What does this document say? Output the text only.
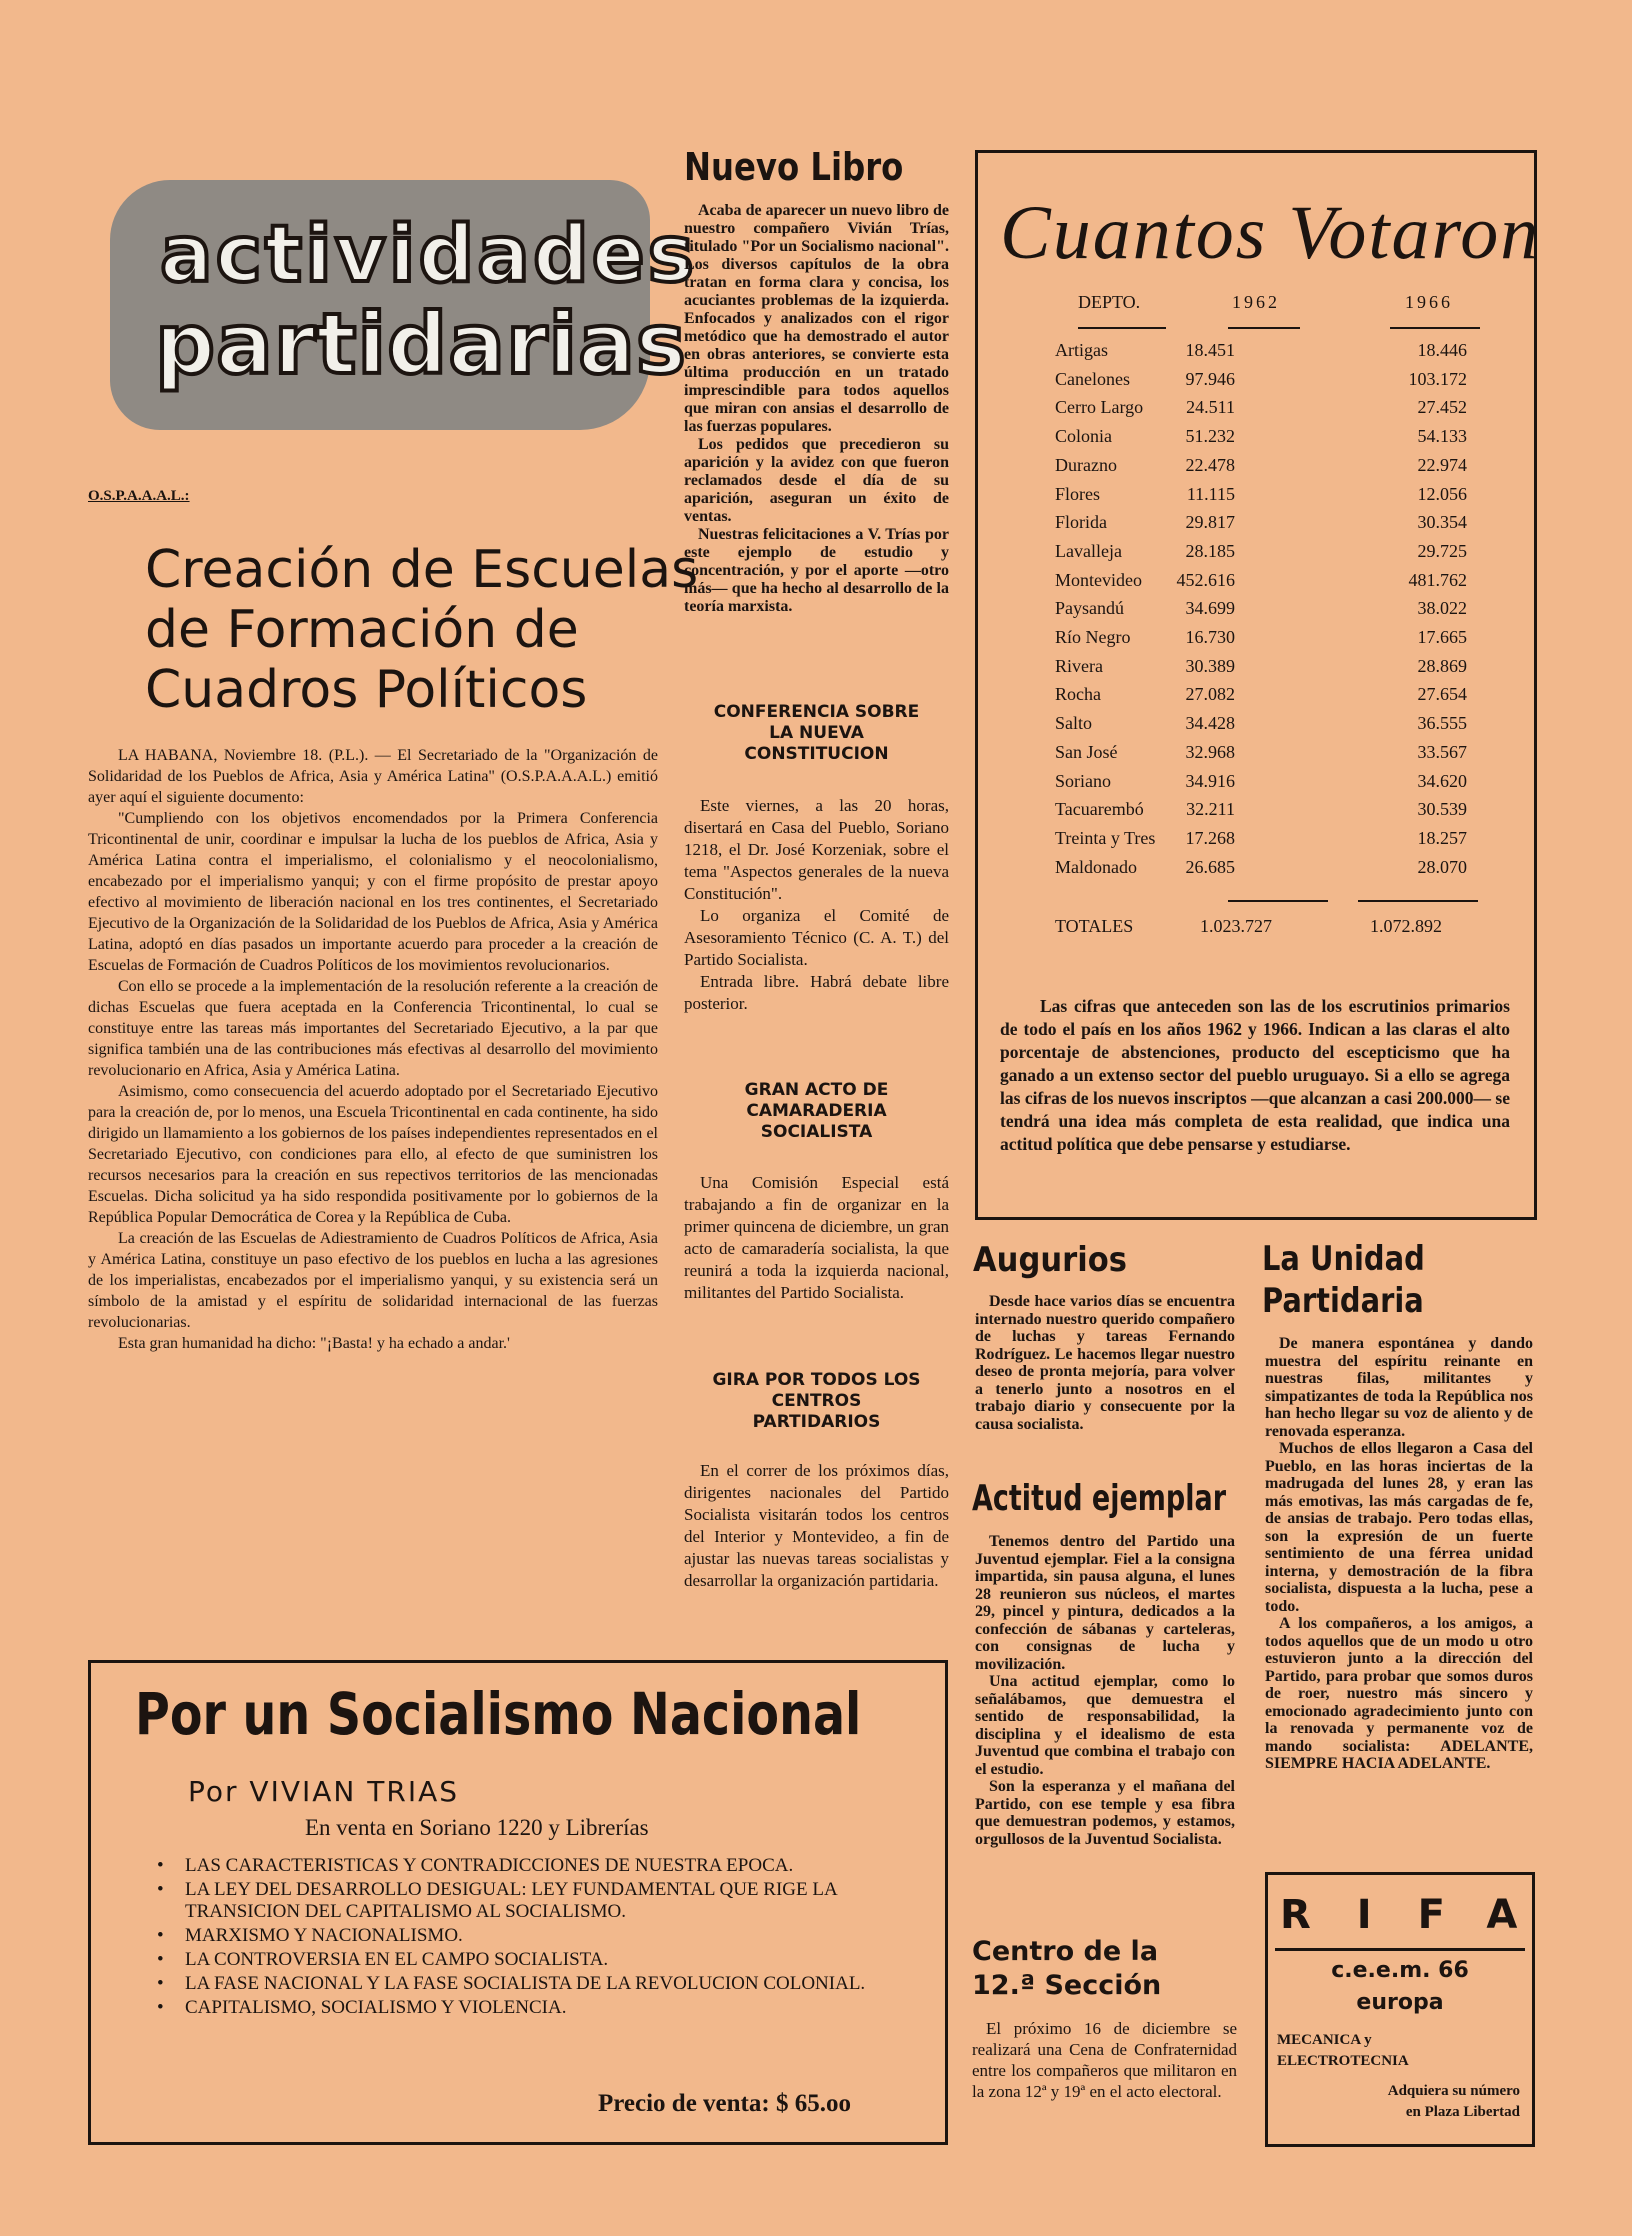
actividades
partidarias
O.S.P.A.A.A.L.:
Creación de Escuelas
de Formación de
Cuadros Políticos

LA HABANA, Noviembre 18. (P.L.). — El Secretariado de la "Organización de Solidaridad de los Pueblos de Africa, Asia y América Latina" (O.S.P.A.A.A.L.) emitió ayer aquí el siguiente documento:

"Cumpliendo con los objetivos encomendados por la Primera Conferencia Tricontinental de unir, coordinar e impulsar la lucha de los pueblos de Africa, Asia y América Latina contra el imperialismo, el colonialismo y el neocolonialismo, encabezado por el imperialismo yanqui; y con el firme propósito de prestar apoyo efectivo al movimiento de liberación nacional en los tres continentes, el Secretariado Ejecutivo de la Organización de la Solidaridad de los Pueblos de Africa, Asia y América Latina, adoptó en días pasados un importante acuerdo para proceder a la creación de Escuelas de Formación de Cuadros Políticos de los movimientos revolucionarios.

Con ello se procede a la implementación de la resolución referente a la creación de dichas Escuelas que fuera aceptada en la Conferencia Tricontinental, lo cual se constituye entre las tareas más importantes del Secretariado Ejecutivo, a la par que significa también una de las contribuciones más efectivas al desarrollo del movimiento revolucionario en Africa, Asia y América Latina.

Asimismo, como consecuencia del acuerdo adoptado por el Secretariado Ejecutivo para la creación de, por lo menos, una Escuela Tricontinental en cada continente, ha sido dirigido un llamamiento a los gobiernos de los países independientes representados en el Secretariado Ejecutivo, con condiciones para ello, al efecto de que suministren los recursos necesarios para la creación en sus repectivos territorios de las mencionadas Escuelas. Dicha solicitud ya ha sido respondida positivamente por lo gobiernos de la República Popular Democrática de Corea y la República de Cuba.

La creación de las Escuelas de Adiestramiento de Cuadros Políticos de Africa, Asia y América Latina, constituye un paso efectivo de los pueblos en lucha a las agresiones de los imperialistas, encabezados por el imperialismo yanqui, y su existencia será un símbolo de la amistad y el espíritu de solidaridad internacional de las fuerzas revolucionarias.

Esta gran humanidad ha dicho: "¡Basta! y ha echado a andar.'

Nuevo Libro

Acaba de aparecer un nuevo libro de nuestro compañero Vivián Trías, titulado "Por un Socialismo nacional". Los diversos capítulos de la obra tratan en forma clara y concisa, los acuciantes problemas de la izquierda. Enfocados y analizados con el rigor metódico que ha demostrado el autor en obras anteriores, se convierte esta última producción en un tratado imprescindible para todos aquellos que miran con ansias el desarrollo de las fuerzas populares.

Los pedidos que precedieron su aparición y la avidez con que fueron reclamados desde el día de su aparición, aseguran un éxito de ventas.

Nuestras felicitaciones a V. Trías por este ejemplo de estudio y concentración, y por el aporte —otro más— que ha hecho al desarrollo de la teoría marxista.

CONFERENCIA SOBRE
LA NUEVA
CONSTITUCION

Este viernes, a las 20 horas, disertará en Casa del Pueblo, Soriano 1218, el Dr. José Korzeniak, sobre el tema "Aspectos generales de la nueva Constitución".

Lo organiza el Comité de Asesoramiento Técnico (C. A. T.) del Partido Socialista.

Entrada libre. Habrá debate libre posterior.

GRAN ACTO DE
CAMARADERIA
SOCIALISTA

Una Comisión Especial está trabajando a fin de organizar en la primer quincena de diciembre, un gran acto de camaradería socialista, la que reunirá a toda la izquierda nacional, militantes del Partido Socialista.

GIRA POR TODOS LOS
CENTROS
PARTIDARIOS

En el correr de los próximos días, dirigentes nacionales del Partido Socialista visitarán todos los centros del Interior y Montevideo, a fin de ajustar las nuevas tareas socialistas y desarrollar la organización partidaria.

Cuantos Votaron
DEPTO.	1962	1966
Artigas	18.451	18.446
Canelones	97.946	103.172
Cerro Largo 24.511	27.452
Colonia	51.232	54.133
Durazno	22.478	22.974
Flores	11.115	12.056
Florida	29.817	30.354
Lavalleja	28.185	29.725
Montevideo 452.616	481.762
Paysandú	34.699	38.022
Río Negro	16.730	17.665
Rivera	30.389	28.869
Rocha	27.082	27.654
Salto	34.428	36.555
San José	32.968	33.567
Soriano	34.916	34.620
Tacuarembó 32.211	30.539
Treinta y Tres 17.268	18.257
Maldonado	26.685	28.070
TOTALES	1.023.727	1.072.892
Las cifras que anteceden son las de los escrutinios primarios de todo el país en los años 1962 y 1966. Indican a las claras el alto porcentaje de abstenciones, producto del escepticismo que ha ganado a un extenso sector del pueblo uruguayo. Si a ello se agrega las cifras de los nuevos inscriptos —que alcanzan a casi 200.000— se tendrá una idea más completa de esta realidad, que indica una actitud política que debe pensarse y estudiarse.
Augurios

Desde hace varios días se encuentra internado nuestro querido compañero de luchas y tareas Fernando Rodríguez. Le hacemos llegar nuestro deseo de pronta mejoría, para volver a tenerlo junto a nosotros en el trabajo diario y consecuente por la causa socialista.

Actitud ejemplar

Tenemos dentro del Partido una Juventud ejemplar. Fiel a la consigna impartida, sin pausa alguna, el lunes 28 reunieron sus núcleos, el martes 29, pincel y pintura, dedicados a la confección de sábanas y carteleras, con consignas de lucha y movilización.

Una actitud ejemplar, como lo señalábamos, que demuestra el sentido de responsabilidad, la disciplina y el idealismo de esta Juventud que combina el trabajo con el estudio.

Son la esperanza y el mañana del Partido, con ese temple y esa fibra que demuestran podemos, y estamos, orgullosos de la Juventud Socialista.

Centro de la
12.ª Sección
El próximo 16 de diciembre se realizará una Cena de Confraternidad entre los compañeros que militaron en la zona 12ª y 19ª en el acto electoral.
La Unidad
Partidaria

De manera espontánea y dando muestra del espíritu reinante en nuestras filas, militantes y simpatizantes de toda la República nos han hecho llegar su voz de aliento y de renovada esperanza.

Muchos de ellos llegaron a Casa del Pueblo, en las horas inciertas de la madrugada del lunes 28, y eran las más emotivas, las más cargadas de fe, de ansias de trabajo. Pero todas ellas, son la expresión de un fuerte sentimiento de una férrea unidad interna, y demostración de la fibra socialista, dispuesta a la lucha, pese a todo.

A los compañeros, a los amigos, a todos aquellos que de un modo u otro estuvieron junto a la dirección del Partido, para probar que somos duros de roer, nuestro más sincero y emocionado agradecimiento junto con la renovada y permanente voz de mando socialista: ADELANTE, SIEMPRE HACIA ADELANTE.

RIFA
c.e.e.m. 66
europa
MECANICA y
ELECTROTECNIA
Adquiera su número
en Plaza Libertad
Por un Socialismo Nacional
Por VIVIAN TRIAS
En venta en Soriano 1220 y Librerías
• LAS CARACTERISTICAS Y CONTRADICCIONES DE NUESTRA EPOCA.
• LA LEY DEL DESARROLLO DESIGUAL: LEY FUNDAMENTAL QUE RIGE LA TRANSICION DEL CAPITALISMO AL SOCIALISMO.
• MARXISMO Y NACIONALISMO.
• LA CONTROVERSIA EN EL CAMPO SOCIALISTA.
• LA FASE NACIONAL Y LA FASE SOCIALISTA DE LA REVOLUCION COLONIAL.
• CAPITALISMO, SOCIALISMO Y VIOLENCIA.
Precio de venta: $ 65.oo
